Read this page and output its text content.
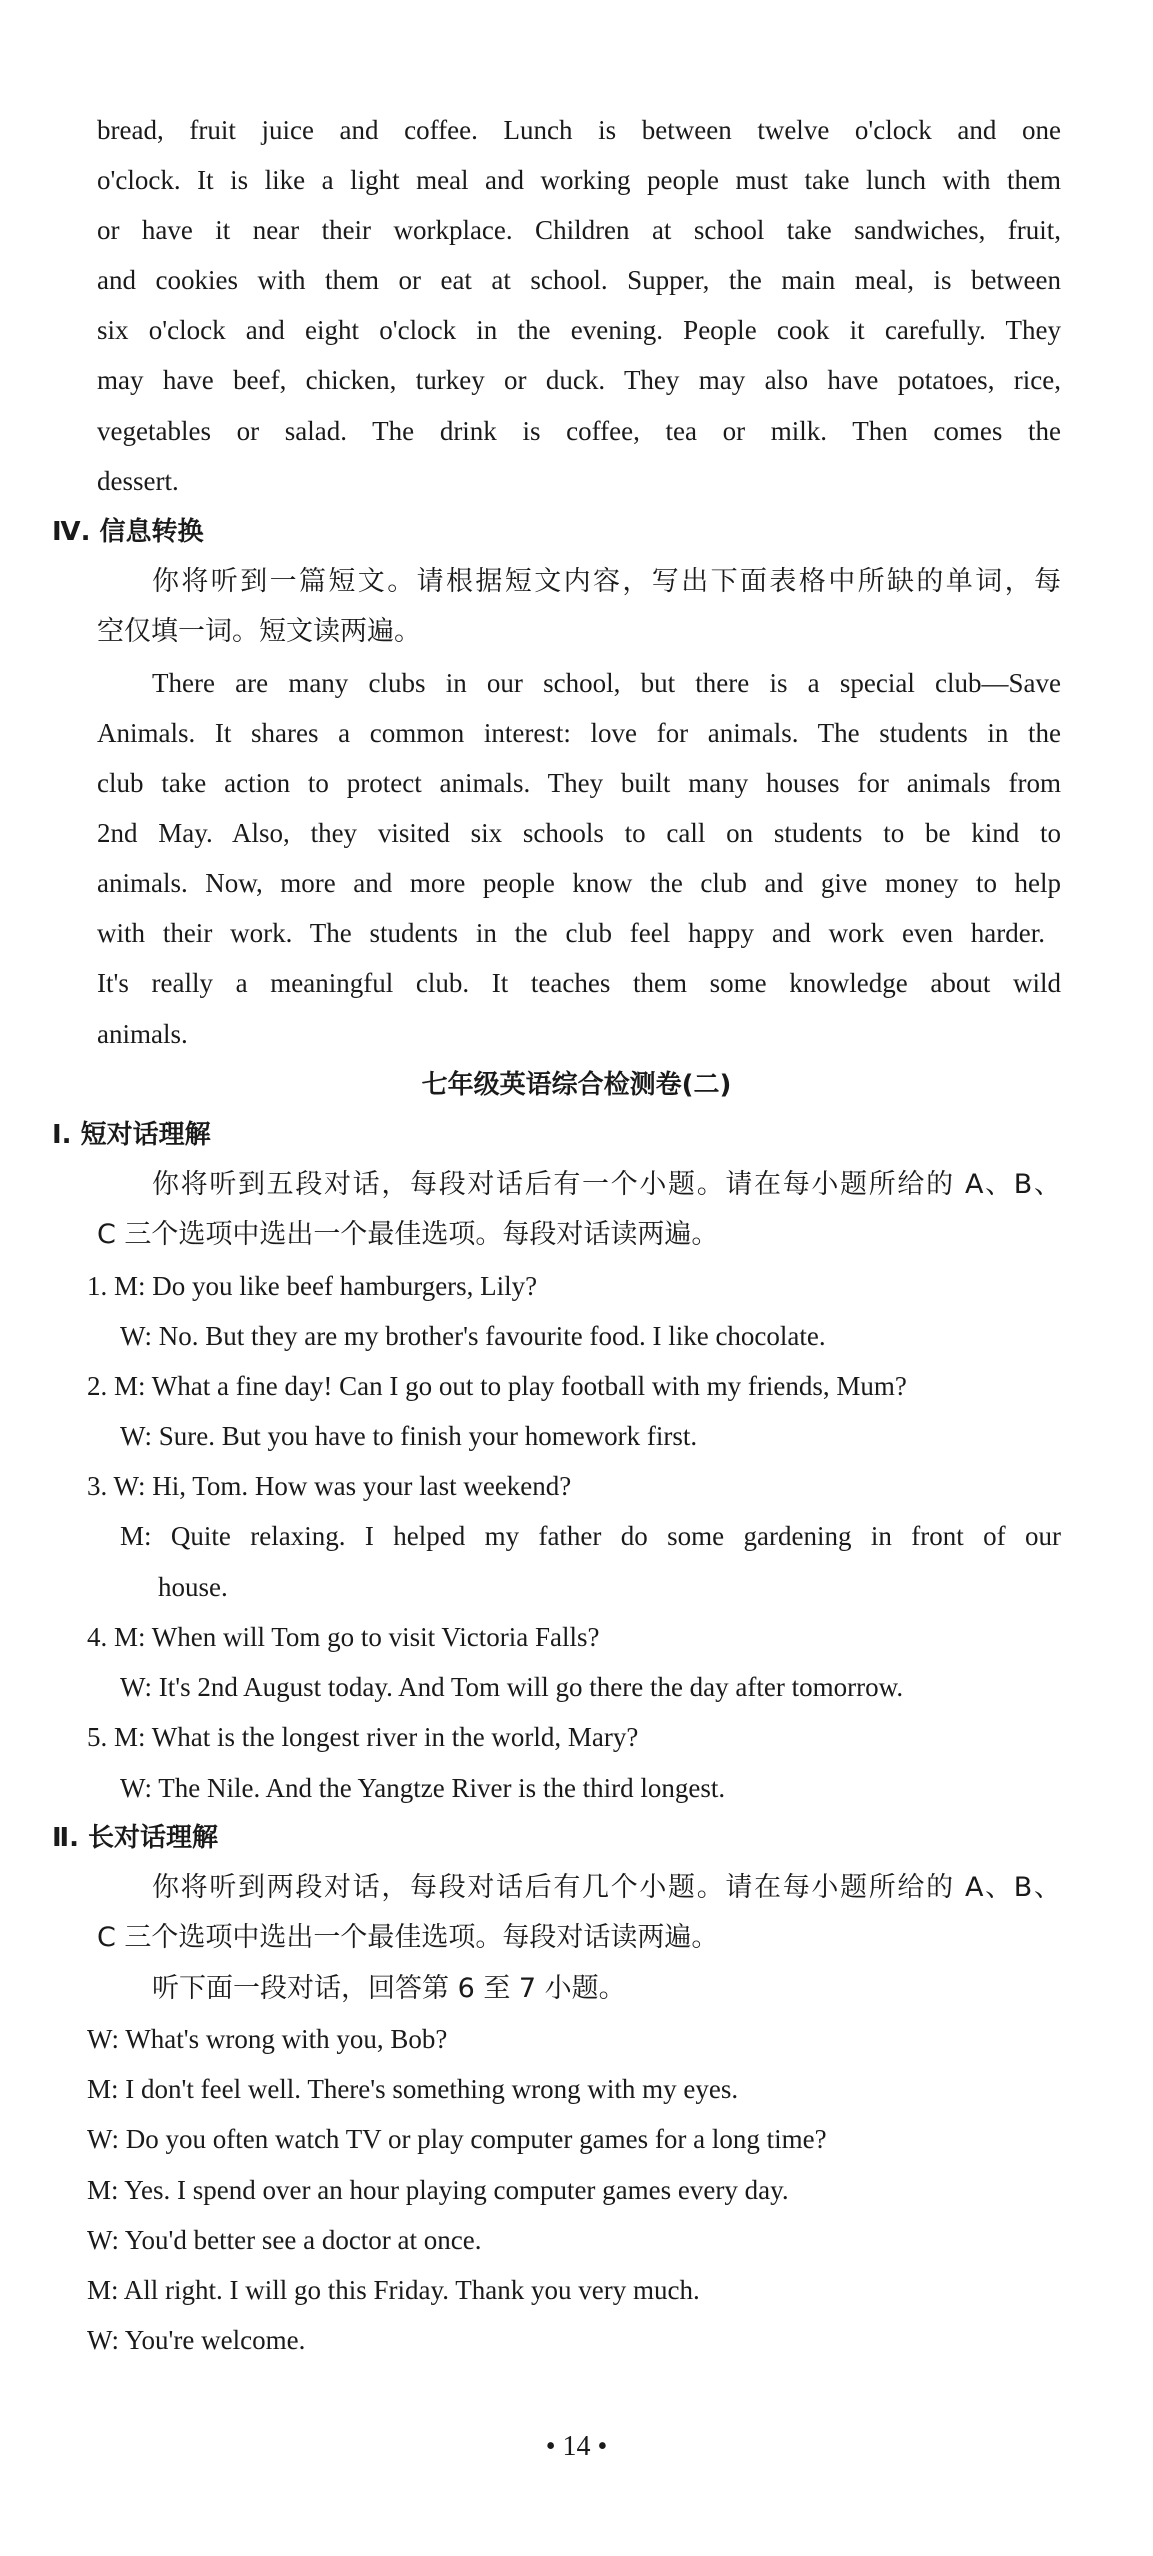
bread, fruit juice and coffee. Lunch is between twelve o'clock and one
o'clock. It is like a light meal and working people must take lunch with them
or have it near their workplace. Children at school take sandwiches, fruit,
and cookies with them or eat at school. Supper, the main meal, is between
six o'clock and eight o'clock in the evening. People cook it carefully. They
may have beef, chicken, turkey or duck. They may also have potatoes, rice,
vegetables or salad. The drink is coffee, tea or milk. Then comes the
dessert.
Ⅳ. 信息转换
你将听到一篇短文。请根据短文内容，写出下面表格中所缺的单词，每
空仅填一词。短文读两遍。
There are many clubs in our school, but there is a special club—Save
Animals. It shares a common interest: love for animals. The students in the
club take action to protect animals. They built many houses for animals from
2nd May. Also, they visited six schools to call on students to be kind to
animals. Now, more and more people know the club and give money to help
with their work. The students in the club feel happy and work even harder.
It's really a meaningful club. It teaches them some knowledge about wild
animals.
七年级英语综合检测卷(二)
Ⅰ. 短对话理解
你将听到五段对话，每段对话后有一个小题。请在每小题所给的 A、B、
C 三个选项中选出一个最佳选项。每段对话读两遍。
1. M: Do you like beef hamburgers, Lily?
W: No. But they are my brother's favourite food. I like chocolate.
2. M: What a fine day! Can I go out to play football with my friends, Mum?
W: Sure. But you have to finish your homework first.
3. W: Hi, Tom. How was your last weekend?
M: Quite relaxing. I helped my father do some gardening in front of our
house.
4. M: When will Tom go to visit Victoria Falls?
W: It's 2nd August today. And Tom will go there the day after tomorrow.
5. M: What is the longest river in the world, Mary?
W: The Nile. And the Yangtze River is the third longest.
Ⅱ. 长对话理解
你将听到两段对话，每段对话后有几个小题。请在每小题所给的 A、B、
C 三个选项中选出一个最佳选项。每段对话读两遍。
听下面一段对话，回答第 6 至 7 小题。
W: What's wrong with you, Bob?
M: I don't feel well. There's something wrong with my eyes.
W: Do you often watch TV or play computer games for a long time?
M: Yes. I spend over an hour playing computer games every day.
W: You'd better see a doctor at once.
M: All right. I will go this Friday. Thank you very much.
W: You're welcome.
• 14 •
